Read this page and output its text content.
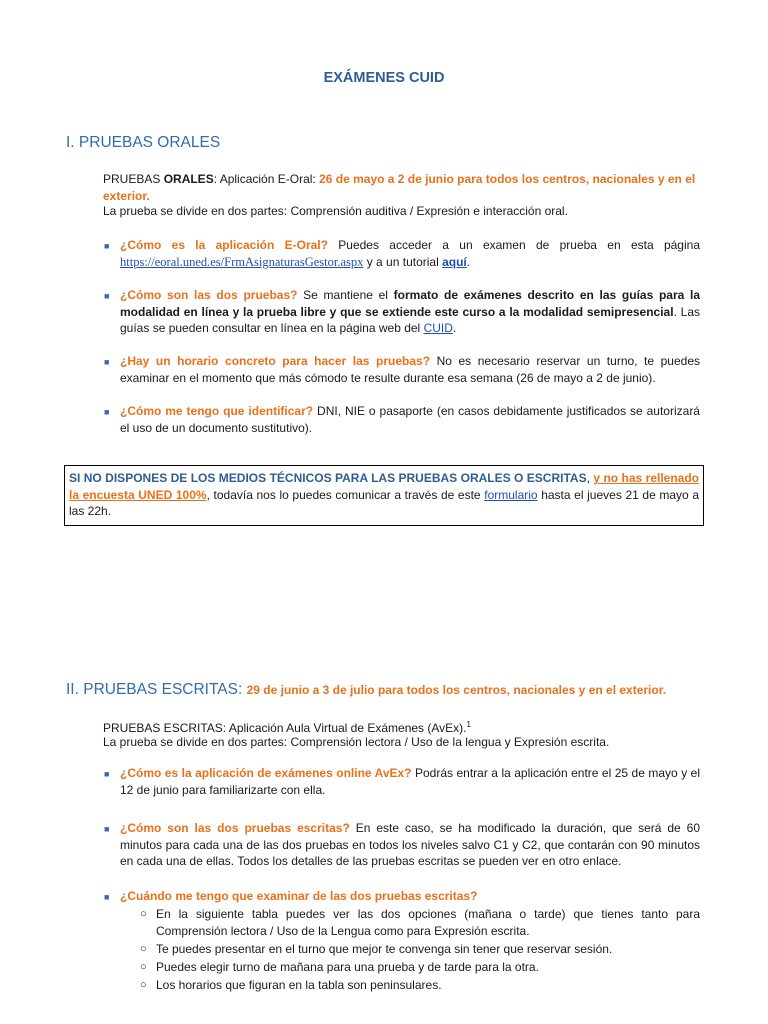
EXÁMENES CUID
I. PRUEBAS ORALES
PRUEBAS ORALES: Aplicación E-Oral: 26 de mayo a 2 de junio para todos los centros, nacionales y en el exterior.
La prueba se divide en dos partes: Comprensión auditiva / Expresión e interacción oral.
■ ¿Cómo es la aplicación E-Oral? Puedes acceder a un examen de prueba en esta página https://eoral.uned.es/FrmAsignaturasGestor.aspx y a un tutorial aquí.
■ ¿Cómo son las dos pruebas? Se mantiene el formato de exámenes descrito en las guías para la modalidad en línea y la prueba libre y que se extiende este curso a la modalidad semipresencial. Las guías se pueden consultar en línea en la página web del CUID.
■ ¿Hay un horario concreto para hacer las pruebas? No es necesario reservar un turno, te puedes examinar en el momento que más cómodo te resulte durante esa semana (26 de mayo a 2 de junio).
■ ¿Cómo me tengo que identificar? DNI, NIE o pasaporte (en casos debidamente justificados se autorizará el uso de un documento sustitutivo).
SI NO DISPONES DE LOS MEDIOS TÉCNICOS PARA LAS PRUEBAS ORALES O ESCRITAS, y no has rellenado la encuesta UNED 100%, todavía nos lo puedes comunicar a través de este formulario hasta el jueves 21 de mayo a las 22h.
II. PRUEBAS ESCRITAS: 29 de junio a 3 de julio para todos los centros, nacionales y en el exterior.
PRUEBAS ESCRITAS: Aplicación Aula Virtual de Exámenes (AvEx).$^1$
La prueba se divide en dos partes: Comprensión lectora / Uso de la lengua y Expresión escrita.
■ ¿Cómo es la aplicación de exámenes online AvEx? Podrás entrar a la aplicación entre el 25 de mayo y el 12 de junio para familiarizarte con ella.
■ ¿Cómo son las dos pruebas escritas? En este caso, se ha modificado la duración, que será de 60 minutos para cada una de las dos pruebas en todos los niveles salvo C1 y C2, que contarán con 90 minutos en cada una de ellas. Todos los detalles de las pruebas escritas se pueden ver en otro enlace.
■ ¿Cuándo me tengo que examinar de las dos pruebas escritas?
○ En la siguiente tabla puedes ver las dos opciones (mañana o tarde) que tienes tanto para Comprensión lectora / Uso de la Lengua como para Expresión escrita.
○ Te puedes presentar en el turno que mejor te convenga sin tener que reservar sesión.
○ Puedes elegir turno de mañana para una prueba y de tarde para la otra.
○ Los horarios que figuran en la tabla son peninsulares.
